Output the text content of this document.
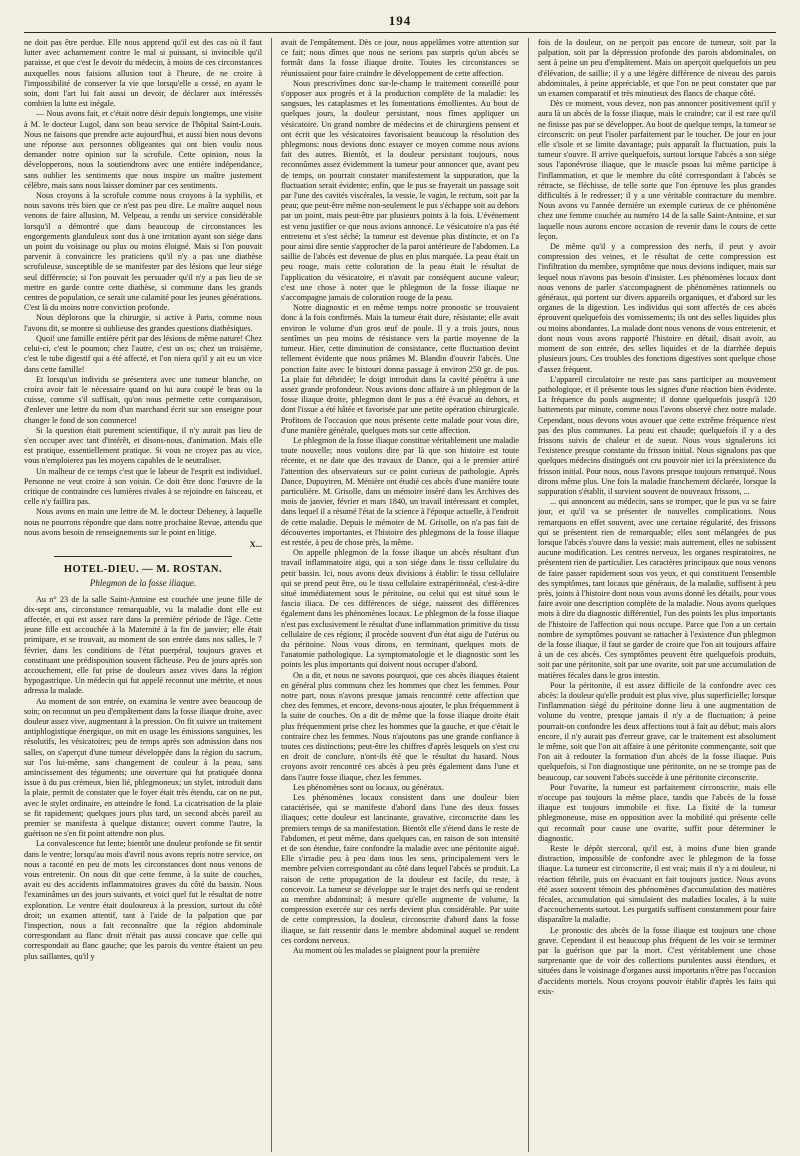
194

ne doit pas être perdue. Elle nous apprend qu'il est des cas où il faut lutter avec acharnement contre le mal si puissant, si invincible qu'il paraisse, et que c'est le devoir du médecin, à moins de ces circonstances auxquelles nous faisions allusion tout à l'heure, de ne croire à l'impossibilité de conserver la vie que lorsqu'elle a cessé, en ayant le soin, dont l'art lui fait aussi un devoir, de déclarer aux intéressés combien la lutte est inégale.

— Nous avons fait, et c'était notre désir depuis longtemps, une visite à M. le docteur Lugol, dans son beau service de l'hôpital Saint-Louis. Nous ne faisons que prendre acte aujourd'hui, et aussi bien nous devons une réponse aux personnes obligeantes qui ont bien voulu nous demander notre opinion sur la scrofule. Cette opinion, nous la développerons, nous la soutiendrons avec une entière indépendance, sans oublier les sentiments que nous inspire un maître justement célèbre, mais sans nous laisser dominer par ces sentiments.

Nous croyons à la scrofule comme nous croyons à la syphilis, et nous savons très bien que ce n'est pas peu dire. Le maître auquel nous venons de faire allusion, M. Velpeau, a rendu un service considérable lorsqu'il a démontré que dans beaucoup de circonstances les engorgements glanduleux sont dus à une irritation ayant son siége dans un point du voisinage ou plus ou moins éloigné. Mais si l'on pouvait parvenir à convaincre les praticiens qu'il n'y a pas une diathèse scrofuleuse, susceptible de se manifester par des lésions que leur siége seul différencie; si l'on pouvait les persuader qu'il n'y a pas lieu de se mettre en garde contre cette diathèse, si commune dans les grands centres de population, ce serait une calamité pour les jeunes générations. C'est là du moins notre conviction profonde.

Nous déplorons que la chirurgie, si active à Paris, comme nous l'avons dit, se montre si oublieuse des grandes questions diathésiques.

Quoi! une famille entière périt par des lésions de même nature! Chez celui-ci, c'est le poumon; chez l'autre, c'est un os; chez un troisième, c'est le tube digestif qui a été affecté, et l'on niera qu'il y ait eu un vice dans cette famille!

Et lorsqu'un individu se présentera avec une tumeur blanche, on croira avoir fait le nécessaire quand on lui aura coupé le bras ou la cuisse, comme s'il suffisait, qu'on nous permette cette comparaison, d'enlever une lettre du nom d'un marchand écrit sur son enseigne pour changer le fond de son commerce!

Si la question était purement scientifique, il n'y aurait pas lieu de s'en occuper avec tant d'intérêt, et disons-nous, d'animation. Mais elle est pratique, essentiellement pratique. Si vous ne croyez pas au vice, vous n'emploierez pas les moyens capables de le neutraliser.

Un malheur de ce temps c'est que le labeur de l'esprit est individuel. Personne ne veut croire à son voisin. Ce doit être donc l'œuvre de la critique de contraindre ces lumières rivales à se rejoindre en faisceau, et celle n'y faillira pas.

Nous avons en main une lettre de M. le docteur Debeney, à laquelle nous ne pourrons répondre que dans notre prochaine Revue, attendu que nous avons besoin de renseignements sur le point en litige.

X...
HOTEL-DIEU. — M. ROSTAN.
Phlegmon de la fosse iliaque.

Au n° 23 de la salle Saint-Antoine est couchée une jeune fille de dix-sept ans, circonstance remarquable, vu la maladie dont elle est affectée, et qui est assez rare dans la première période de l'âge. Cette jeune fille est accouchée à la Maternité à la fin de janvier; elle était primipare, et se trouvait, au moment de son entrée dans nos salles, le 7 février, dans les conditions de l'état puerpéral, toujours graves et constituant une prédisposition souvent fâcheuse. Peu de jours après son accouchement, elle fut prise de douleurs assez vives dans la région hypogastrique. Un médecin qui fut appelé reconnut une métrite, et nous adressa la malade.

Au moment de son entrée, on examina le ventre avec beaucoup de soin; on reconnut un peu d'empâtement dans la fosse iliaque droite, avec douleur assez vive, augmentant à la pression. On fit suivre un traitement antiphlogistique énergique, on mit en usage les émissions sanguines, les résolutifs, les vésicatoires; peu de temps après son admission dans nos salles, on s'aperçut d'une tumeur développée dans la région du sacrum, sur l'os lui-même, sans changement de couleur à la peau, sans amincissement des téguments; une ouverture qui fut pratiquée donna issue à du pus crémeux, bien lié, phlegmoneux; un stylet, introduit dans la plaie, permit de constater que le foyer était très étendu, car on ne put, avec le stylet ordinaire, en atteindre le fond. La cicatrisation de la plaie se fit rapidement; quelques jours plus tard, un second abcès pareil au premier se manifesta à quelque distance; ouvert comme l'autre, la guérison ne s'en fit point attendre non plus.

La convalescence fut lente; bientôt une douleur profonde se fit sentir dans le ventre; lorsqu'au mois d'avril nous avons repris notre service, on nous a raconté en peu de mots les circonstances dont nous venons de vous entretenir. On nous dit que cette femme, à la suite de couches, avait eu des accidents inflammatoires graves du côté du bassin. Nous l'examinâmes un des jours suivants, et voici quel fut le résultat de notre exploration. Le ventre était douloureux à la pression, surtout du côté droit; un examen attentif, tant à l'aide de la palpation que par l'inspection, nous a fait reconnaître que la région abdominale correspondant au flanc droit n'était pas aussi concave que celle qui correspondait au flanc gauche; que les parois du ventre étaient un peu plus saillantes, qu'il y

avait de l'empâtement. Dès ce jour, nous appelâmes votre attention sur ce fait; nous dîmes que nous ne serions pas surpris qu'un abcès se formât dans la fosse iliaque droite. Toutes les circonstances se réunissaient pour faire craindre le développement de cette affection.

Nous prescrivîmes donc sur-le-champ le traitement conseillé pour s'opposer aux progrès et à la production complète de la maladie: les sangsues, les cataplasmes et les fomentations émollientes. Au bout de quelques jours, la douleur persistant, nous fîmes appliquer un vésicatoire. Un grand nombre de médecins et de chirurgiens pensent et ont écrit que les vésicatoires favorisaient beaucoup la résolution des phlegmons: nous devions donc essayer ce moyen comme nous avions fait des autres. Bientôt, et la douleur persistant toujours, nous reconnûmes assez évidemment la tumeur pour annoncer que, avant peu de temps, on pourrait constater manifestement la suppuration, que la fluctuation serait évidente; enfin, que le pus se frayerait un passage soit par l'une des cavités viscérales, la vessie, le vagin, le rectum, soit par la peau; que peut-être même non-seulement le pus s'échappe soit au dehors par un point, mais peut-être par plusieurs points à la fois. L'événement est venu justifier ce que nous avions annoncé. Le vésicatoire n'a pas été entretenu et s'est séché; la tumeur est devenue plus distincte, et on l'a pour ainsi dire sentie s'approcher de la paroi antérieure de l'abdomen. La saillie de l'abcès est devenue de plus en plus marquée. La peau était un peu rouge, mais cette coloration de la peau était le résultat de l'application du vésicatoire, et n'avait par conséquent aucune valeur; c'est une chose à noter que le phlegmon de la fosse iliaque ne s'accompagne jamais de coloration rouge de la peau.

Notre diagnostic et en même temps notre pronostic se trouvaient donc à la fois confirmés. Mais la tumeur était dure, résistante; elle avait environ le volume d'un gros œuf de poule. Il y a trois jours, nous sentîmes un peu moins de résistance vers la partie moyenne de la tumeur. Hier, cette diminution de consistance, cette fluctuation devint tellement évidente que nous priâmes M. Blandin d'ouvrir l'abcès. Une ponction faite avec le bistouri donna passage à environ 250 gr. de pus. La plaie fut débridée; le doigt introduit dans la cavité pénétra à une assez grande profondeur. Nous avions donc affaire à un phlegmon de la fosse iliaque droite, phlegmon dont le pus a été évacué au dehors, et dont l'issue a été hâtée et favorisée par une petite opération chirurgicale. Profitons de l'occasion que nous présente cette malade pour vous dire, d'une manière générale, quelques mots sur cette affection.

Le phlegmon de la fosse iliaque constitue véritablement une maladie toute nouvelle; nous voulons dire par là que son histoire est toute récente, et ne date que des travaux de Dance, qui a le premier attiré l'attention des observateurs sur ce point curieux de pathologie. Après Dance, Dupuytren, M. Ménière ont étudié ces abcès d'une manière toute particulière. M. Grisolle, dans un mémoire inséré dans les Archives des mois de janvier, février et mars 1840, un travail intéressant et complet, dans lequel il a résumé l'état de la science à l'époque actuelle, à l'endroit de cette maladie. Depuis le mémoire de M. Grisolle, on n'a pas fait de découvertes importantes, et l'histoire des phlegmons de la fosse iliaque est restée, à peu de chose près, la même.

On appelle phlegmon de la fosse iliaque un abcès résultant d'un travail inflammatoire aigu, qui a son siége dans le tissu cellulaire du petit bassin. Ici, nous avons deux divisions à établir: le tissu cellulaire qui se prend peut être, ou le tissu cellulaire extrapéritonéal, c'est-à-dire situé immédiatement sous le péritoine, ou celui qui est situé sous le fascia iliaca. De ces différences de siége, naissent des différences également dans les phénomènes locaux. Le phlegmon de la fosse iliaque n'est pas exclusivement le résultat d'une inflammation primitive du tissu cellulaire de ces régions; il procède souvent d'un état aigu de l'utérus ou du péritoine. Nous vous dirons, en terminant, quelques mots de l'anatomie pathologique. La symptomatologie et le diagnostic sont les points les plus importants qui doivent nous occuper d'abord.

On a dit, et nous ne savons pourquoi, que ces abcès iliaques étaient en général plus communs chez les hommes que chez les femmes. Pour notre part, nous n'avons presque jamais rencontré cette affection que chez des femmes, et encore, devons-nous ajouter, le plus fréquemment à la suite de couches. On a dit de même que la fosse iliaque droite était plus fréquemment prise chez les hommes que la gauche, et que c'était le contraire chez les femmes. Nous n'ajoutons pas une grande confiance à toutes ces distinctions; peut-être les chiffres d'après lesquels on s'est cru en droit de conclure, n'ont-ils été que le résultat du hasard. Nous croyons avoir rencontré ces abcès à peu près également dans l'une et dans l'autre fosse iliaque, chez les femmes.

Les phénomènes sont ou locaux, ou généraux.

Les phénomènes locaux consistent dans une douleur bien caractérisée, qui se manifeste d'abord dans l'une des deux fosses iliaques; cette douleur est lancinante, gravative, circonscrite dans les premiers temps de sa manifestation. Bientôt elle s'étend dans le reste de l'abdomen, et peut même, dans quelques cas, en raison de son intensité et de son étendue, faire confondre la maladie avec une péritonite aiguë. Elle s'irradie peu à peu dans tous les sens, principalement vers le membre pelvien correspondant au côté dans lequel l'abcès se produit. La raison de cette propagation de la douleur est facile, du reste, à concevoir. La tumeur se développe sur le trajet des nerfs qui se rendent au membre abdominal; à mesure qu'elle augmente de volume, la compression exercée sur ces nerfs devient plus considérable. Par suite de cette compression, la douleur, circonscrite d'abord dans la fosse iliaque, se fait ressentir dans le membre abdominal auquel se rendent ces cordons nerveux.

Au moment où les malades se plaignent pour la première

fois de la douleur, on ne perçoit pas encore de tumeur, soit par la palpation, soit par la dépression profonde des parois abdominales, on sent à peine un peu d'empâtement. Mais on aperçoit quelquefois un peu d'élévation, de saillie; il y a une légère différence de niveau des parois abdominales, à peine appréciable, et que l'on ne peut constater que par un examen comparatif et très minutieux des flancs de chaque côté.

Dès ce moment, vous devez, non pas annoncer positivement qu'il y aura là un abcès de la fosse iliaque, mais le craindre; car il est rare qu'il ne finisse pas par se développer. Au bout de quelque temps, la tumeur se circonscrit: on peut l'isoler parfaitement par le toucher. De jour en jour elle s'isole et se limite davantage; puis apparaît la fluctuation, puis la tumeur s'ouvre. Il arrive quelquefois, surtout lorsque l'abcès a son siége sous l'aponévrose iliaque, que le muscle psoas lui même participe à l'inflammation, et que le membre du côté correspondant à l'abcès se rétracte, se fléchisse, de telle sorte que l'on éprouve les plus grandes difficultés à le redresser; il y a une véritable contracture du membre. Nous avons vu l'année dernière un exemple curieux de ce phénomène chez une femme couchée au numéro 14 de la salle Saint-Antoine, et sur laquelle nous aurons encore occasion de revenir dans le cours de cette leçon.

De même qu'il y a compression des nerfs, il peut y avoir compression des veines, et le résultat de cette compression est l'infiltration du membre, symptôme que nous devions indiquer, mais sur lequel nous n'avons pas besoin d'insister. Les phénomènes locaux dont nous venons de parler s'accompagnent de phénomènes rationnels ou généraux, qui portent sur divers appareils organiques, et d'abord sur les organes de la digestion. Les individus qui sont affectés de ces abcès éprouvent quelquefois des vomissements; ils ont des selles liquides plus ou moins abondantes. La malade dont nous venons de vous entretenir, et dont nous vous avons rapporté l'histoire en détail, disait avoir, au moment de son entrée, des selles liquides et de la diarrhée depuis plusieurs jours. Ces troubles des fonctions digestives sont quelque chose d'assez fréquent.

L'appareil circulatoire ne reste pas sans participer au mouvement pathologique, et il présente tous les signes d'une réaction bien évidente. La fréquence du pouls augmente; il donne quelquefois jusqu'à 120 battements par minute, comme nous l'avons observé chez notre malade. Cependant, nous devons vous avouer que cette extrême fréquence n'est pas des plus communes. La peau est chaude; quelquefois il y a des frissons suivis de chaleur et de sueur. Nous vous signalerons ici l'existence presque constante du frisson initial. Nous signalons pas que quelques médecins distingués ont cru pouvoir nier ici la préexistence du frisson initial. Pour nous, nous l'avons presque toujours remarqué. Nous dirons même plus. Une fois la maladie franchement déclarée, lorsque la suppuration s'établit, il survient souvent de nouveaux frissons, ...

... qui annoncent au médecin, sans se tromper, que le pus va se faire jour, et qu'il va se présenter de nouvelles complications. Nous remarquons en effet souvent, avec une certaine régularité, des frissons qui se présentent rien de remarquable; elles sont mélangées de pus lorsque l'abcès s'ouvre dans la vessie: mais autrement, elles ne subissent aucune modification. Les centres nerveux, les organes respiratoires, ne présentent rien de particulier. Les caractères principaux que nous venons de faire passer rapidement sous vos yeux, et qui constituent l'ensemble des symptômes, tant locaux que généraux, de la maladie, suffisent à peu près, joints à l'histoire dont nous vous avons donné les détails, pour vous faire avoir une description complète de la maladie. Nous avons quelques mots à dire du diagnostic différentiel, l'un des points les plus importants de l'histoire de l'affection qui nous occupe. Parce que l'on a un certain nombre de symptômes pouvant se rattacher à l'existence d'un phlegmon de la fosse iliaque, il faut se garder de croire que l'on ait toujours affaire à un de ces abcès. Ces symptômes peuvent être quelquefois produits, soit par une péritonite, soit par une ovarite, soit par une accumulation de matières fécales dans le gros intestin.

Pour la péritonite, il est assez difficile de la confondre avec ces abcès: la douleur qu'elle produit est plus vive, plus superficielle; lorsque l'inflammation siégé du péritoine donne lieu à une augmentation de volume du ventre, presque jamais il n'y a de fluctuation; à peine pourrait-on confondre les deux affections tout à fait au début; mais alors encore, il n'y aurait pas d'erreur grave, car le traitement est absolument le même, soit que l'on ait affaire à une péritonite commençante, soit que l'on ait à redouter la formation d'un abcès de la fosse iliaque. Puis quelquefois, si l'on diagnostique une péritonite, on ne se trompe pas de beaucoup, car souvent l'abcès succède à une péritonite circonscrite.

Pour l'ovarite, la tumeur est parfaitement circonscrite, mais elle n'occupe pas toujours la même place, tandis que l'abcès de la fosse iliaque est toujours immobile et fixe. La fixité de la tumeur phlegmoneuse, mise en opposition avec la mobilité qui présente celle qui reconnaît pour cause une ovarite, suffit pour déterminer le diagnostic.

Reste le dépôt stercoral, qu'il est, à moins d'une bien grande distraction, impossible de confondre avec le phlegmon de la fosse iliaque. La tumeur est circonscrite, il est vrai; mais il n'y a ni douleur, ni réaction fébrile, puis on évacuant en fait toujours justice. Nous avons été assez souvent témoin des phénomènes d'accumulation des matières fécales, accumulation qui simulaient des maladies locales, à la suite d'accouchements surtout. Les purgatifs suffisent constamment pour faire disparaître la maladie.

Le pronostic des abcès de la fosse iliaque est toujours une chose grave. Cependant il est beaucoup plus fréquent de les voir se terminer par la guérison que par la mort. C'est véritablement une chose surprenante que de voir des collections purulentes aussi étendues, et situées dans le voisinage d'organes aussi importants n'être pas l'occasion d'accidents mortels. Nous croyons pouvoir établir d'après les faits qui exis-
